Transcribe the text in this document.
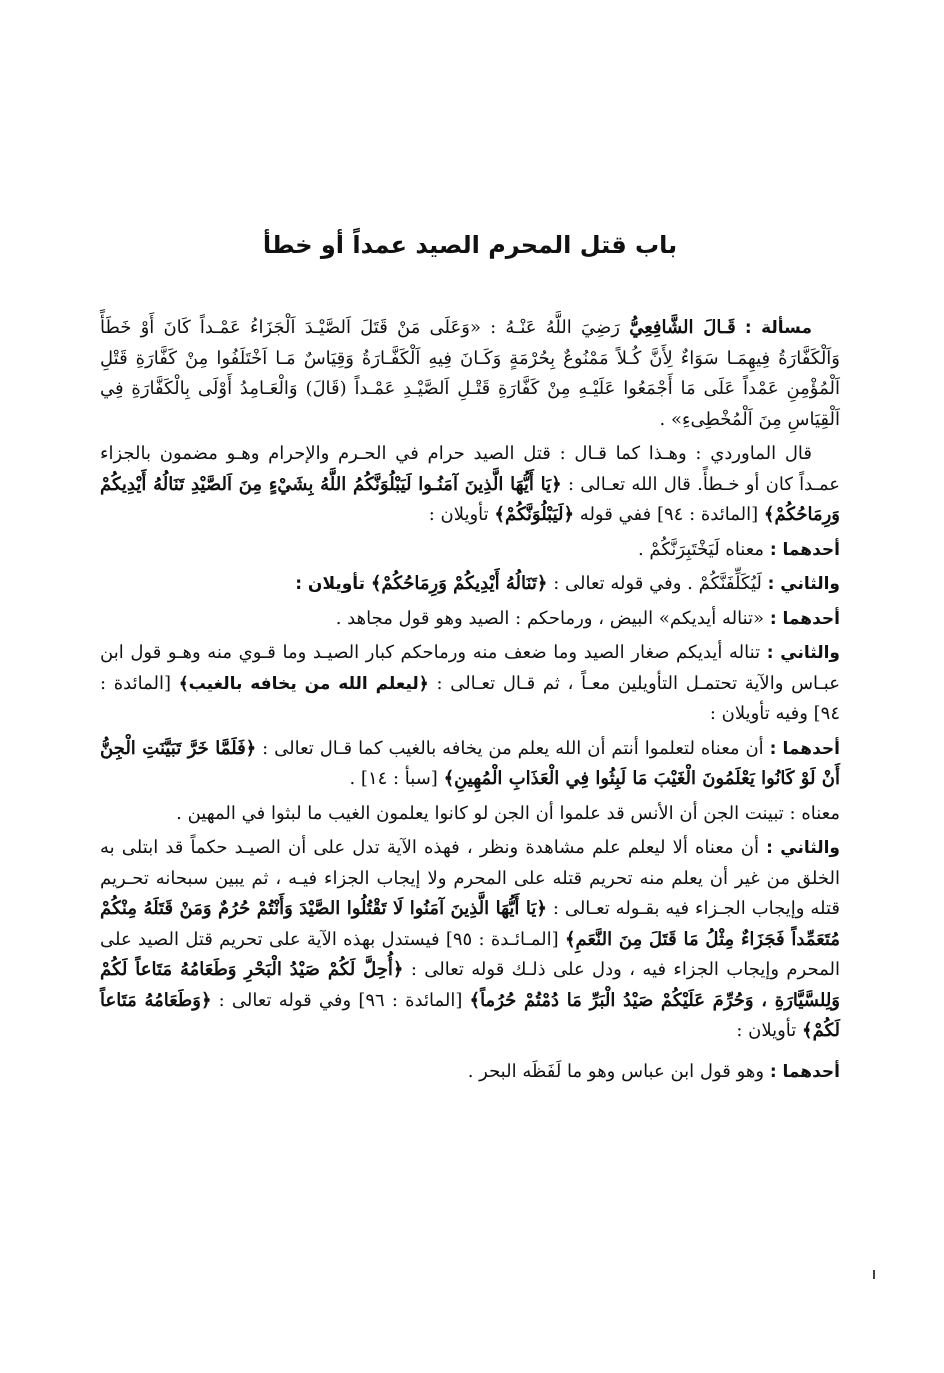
باب قتل المحرم الصيد عمداً أو خطأ

مسألة : قَـالَ الشَّافِعِيُّ رَضِيَ اللَّهُ عَنْـهُ : «وَعَلَى مَنْ قَتَلَ اَلصَّيْـدَ اَلْجَزَاءُ عَمْـداً كَانَ أَوْ خَطَأً وَاَلْكَفَّارَةُ فِيهِمَـا سَوَاءٌ لِأَنَّ كُـلاً مَمْنُوعٌ بِحُرْمَةٍ وَكَـانَ فِيهِ اَلْكَفَّـارَةُ وَقِيَاسٌ مَـا اَخْتَلَفُوا مِنْ كَفَّارَةِ قَتْلِ اَلْمُؤْمِنِ عَمْداً عَلَى مَا أَجْمَعُوا عَلَيْـهِ مِنْ كَفَّارَةِ قَتْـلِ اَلصَّيْـدِ عَمْـداً (قَالَ) وَالْعَـامِدُ أَوْلَى بِالْكَفَّارَةِ فِي اَلْقِيَاسِ مِنَ اَلْمُخْطِىءِ» .

قال الماوردي : وهـذا كما قـال : قتل الصيد حرام في الحـرم والإحرام وهـو مضمون بالجزاء عمـداً كان أو خـطأً. قال الله تعـالى : ﴿يَا أَيُّهَا الَّذِينَ آمَنُـوا لَيَبْلُوَنَّكُمُ اللَّهُ بِشَيْءٍ مِنَ اَلصَّيْدِ تَنَالُهُ أَيْدِيكُمْ وَرِمَاحُكُمْ﴾ [المائدة : ٩٤] ففي قوله ﴿لَيَبْلُوَنَّكُمْ﴾ تأويلان :

أحدهما : معناه لَيَخْتَبِرَنَّكُمْ .

والثاني : لَيُكَلِّفَنَّكُمْ . وفي قوله تعالى : ﴿تَنَالُهُ أَيْدِيكُمْ وَرِمَاحُكُمْ﴾ تأويلان :

أحدهما : «تناله أيديكم» البيض ، ورماحكم : الصيد وهو قول مجاهد .

والثاني : تناله أيديكم صغار الصيد وما ضعف منه ورماحكم كبار الصيـد وما قـوي منه وهـو قول ابن عبـاس والآية تحتمـل التأويلين معـاً ، ثم قـال تعـالى : ﴿ليعلم الله من يخافه بالغيب﴾ [المائدة : ٩٤] وفيه تأويلان :

أحدهما : أن معناه لتعلموا أنتم أن الله يعلم من يخافه بالغيب كما قـال تعالى : ﴿فَلَمَّا خَرَّ تَبَيَّنَتِ الْجِنُّ أَنْ لَوْ كَانُوا يَعْلَمُونَ الْغَيْبَ مَا لَبِثُوا فِي الْعَذَابِ الْمُهِينِ﴾ [سبأ : ١٤] .

معناه : تبينت الجن أن الأنس قد علموا أن الجن لو كانوا يعلمون الغيب ما لبثوا في المهين .

والثاني : أن معناه ألا ليعلم علم مشاهدة ونظر ، فهذه الآية تدل على أن الصيـد حكماً قد ابتلى به الخلق من غير أن يعلم منه تحريم قتله على المحرم ولا إيجاب الجزاء فيـه ، ثم يبين سبحانه تحـريم قتله وإيجاب الجـزاء فيه بقـوله تعـالى : ﴿يَا أَيُّهَا الَّذِينَ آمَنُوا لَا تَقْتُلُوا الصَّيْدَ وَأَنْتُمْ حُرُمٌ وَمَنْ قَتَلَهُ مِنْكُمْ مُتَعَمِّداً فَجَزَاءٌ مِثْلُ مَا قَتَلَ مِنَ النَّعَمِ﴾ [المـائـدة : ٩٥] فيستدل بهذه الآية على تحريم قتل الصيد على المحرم وإيجاب الجزاء فيه ، ودل على ذلـك قوله تعالى : ﴿أُحِلَّ لَكُمْ صَيْدُ الْبَحْرِ وَطَعَامُهُ مَتَاعاً لَكُمْ وَلِلسَّيَّارَةِ ، وَحُرِّمَ عَلَيْكُمْ صَيْدُ الْبَرِّ مَا دُمْتُمْ حُرُماً﴾ [المائدة : ٩٦] وفي قوله تعالى : ﴿وَطَعَامُهُ مَتَاعاً لَكُمْ﴾ تأويلان :

أحدهما : وهو قول ابن عباس وهو ما لَفَظَه البحر .
